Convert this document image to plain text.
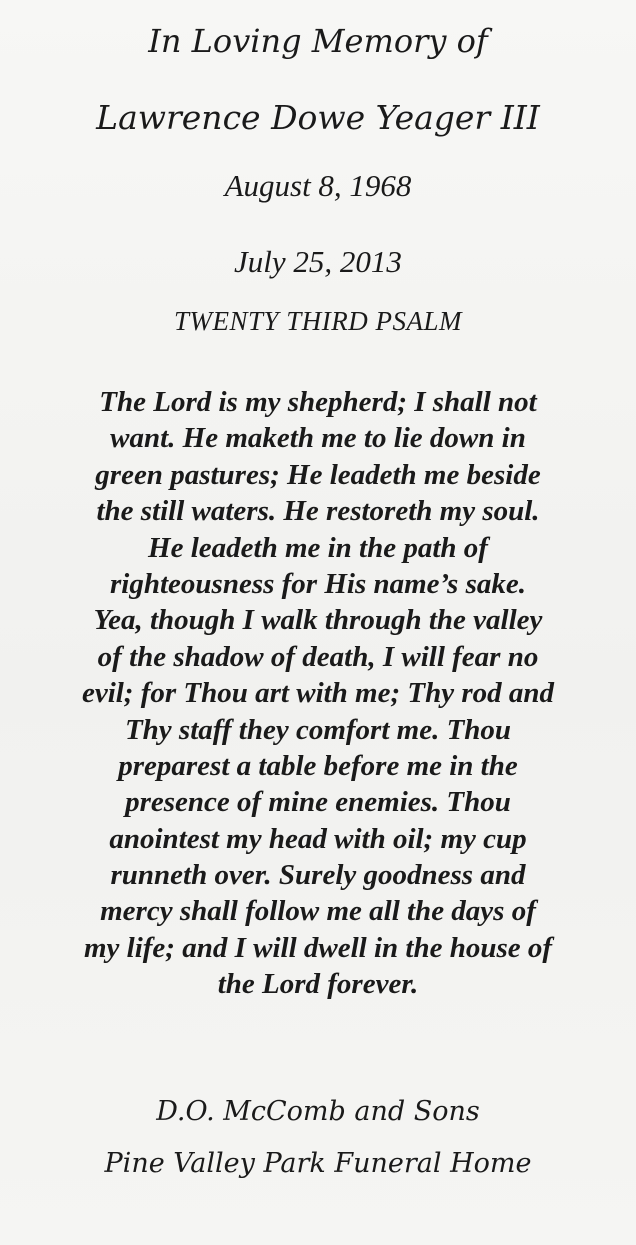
In Loving Memory of
Lawrence Dowe Yeager III
August 8, 1968
July 25, 2013
TWENTY THIRD PSALM
The Lord is my shepherd; I shall not
want. He maketh me to lie down in
green pastures; He leadeth me beside
the still waters. He restoreth my soul.
He leadeth me in the path of
righteousness for His name’s sake.
Yea, though I walk through the valley
of the shadow of death, I will fear no
evil; for Thou art with me; Thy rod and
Thy staff they comfort me. Thou
preparest a table before me in the
presence of mine enemies. Thou
anointest my head with oil; my cup
runneth over. Surely goodness and
mercy shall follow me all the days of
my life; and I will dwell in the house of
the Lord forever.
D.O. McComb and Sons
Pine Valley Park Funeral Home
